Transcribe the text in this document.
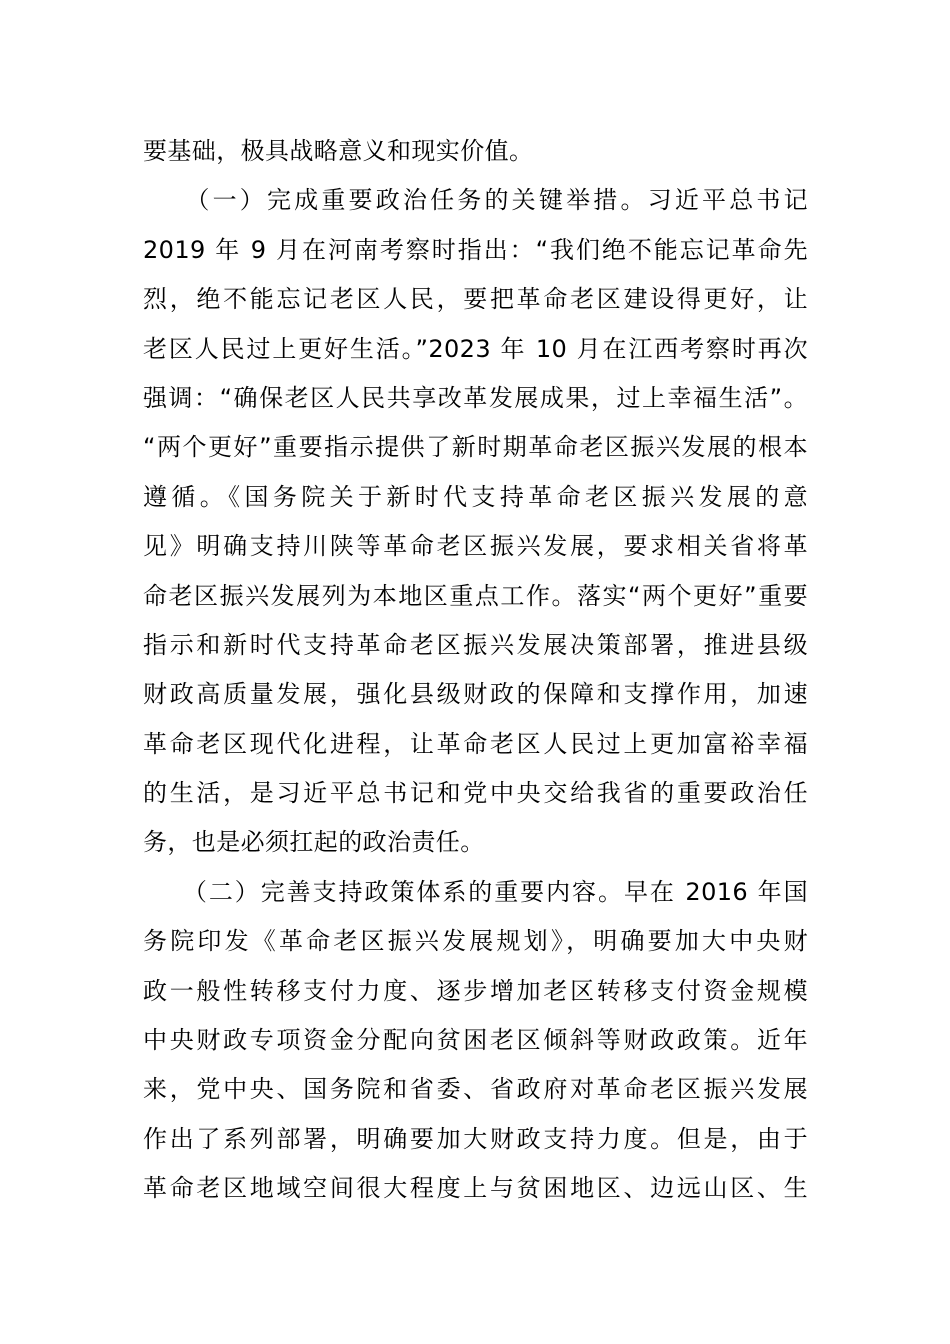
要基础，极具战略意义和现实价值。
　　（一）完成重要政治任务的关键举措。习近平总书记
2019 年 9 月在河南考察时指出：“我们绝不能忘记革命先
烈，绝不能忘记老区人民，要把革命老区建设得更好，让
老区人民过上更好生活。”2023 年 10 月在江西考察时再次
强调：“确保老区人民共享改革发展成果，过上幸福生活”。
“两个更好”重要指示提供了新时期革命老区振兴发展的根本
遵循。《国务院关于新时代支持革命老区振兴发展的意
见》明确支持川陕等革命老区振兴发展，要求相关省将革
命老区振兴发展列为本地区重点工作。落实“两个更好”重要
指示和新时代支持革命老区振兴发展决策部署，推进县级
财政高质量发展，强化县级财政的保障和支撑作用，加速
革命老区现代化进程，让革命老区人民过上更加富裕幸福
的生活，是习近平总书记和党中央交给我省的重要政治任
务，也是必须扛起的政治责任。
　　（二）完善支持政策体系的重要内容。早在 2016 年国
务院印发《革命老区振兴发展规划》，明确要加大中央财
政一般性转移支付力度、逐步增加老区转移支付资金规模
中央财政专项资金分配向贫困老区倾斜等财政政策。近年
来，党中央、国务院和省委、省政府对革命老区振兴发展
作出了系列部署，明确要加大财政支持力度。但是，由于
革命老区地域空间很大程度上与贫困地区、边远山区、生
